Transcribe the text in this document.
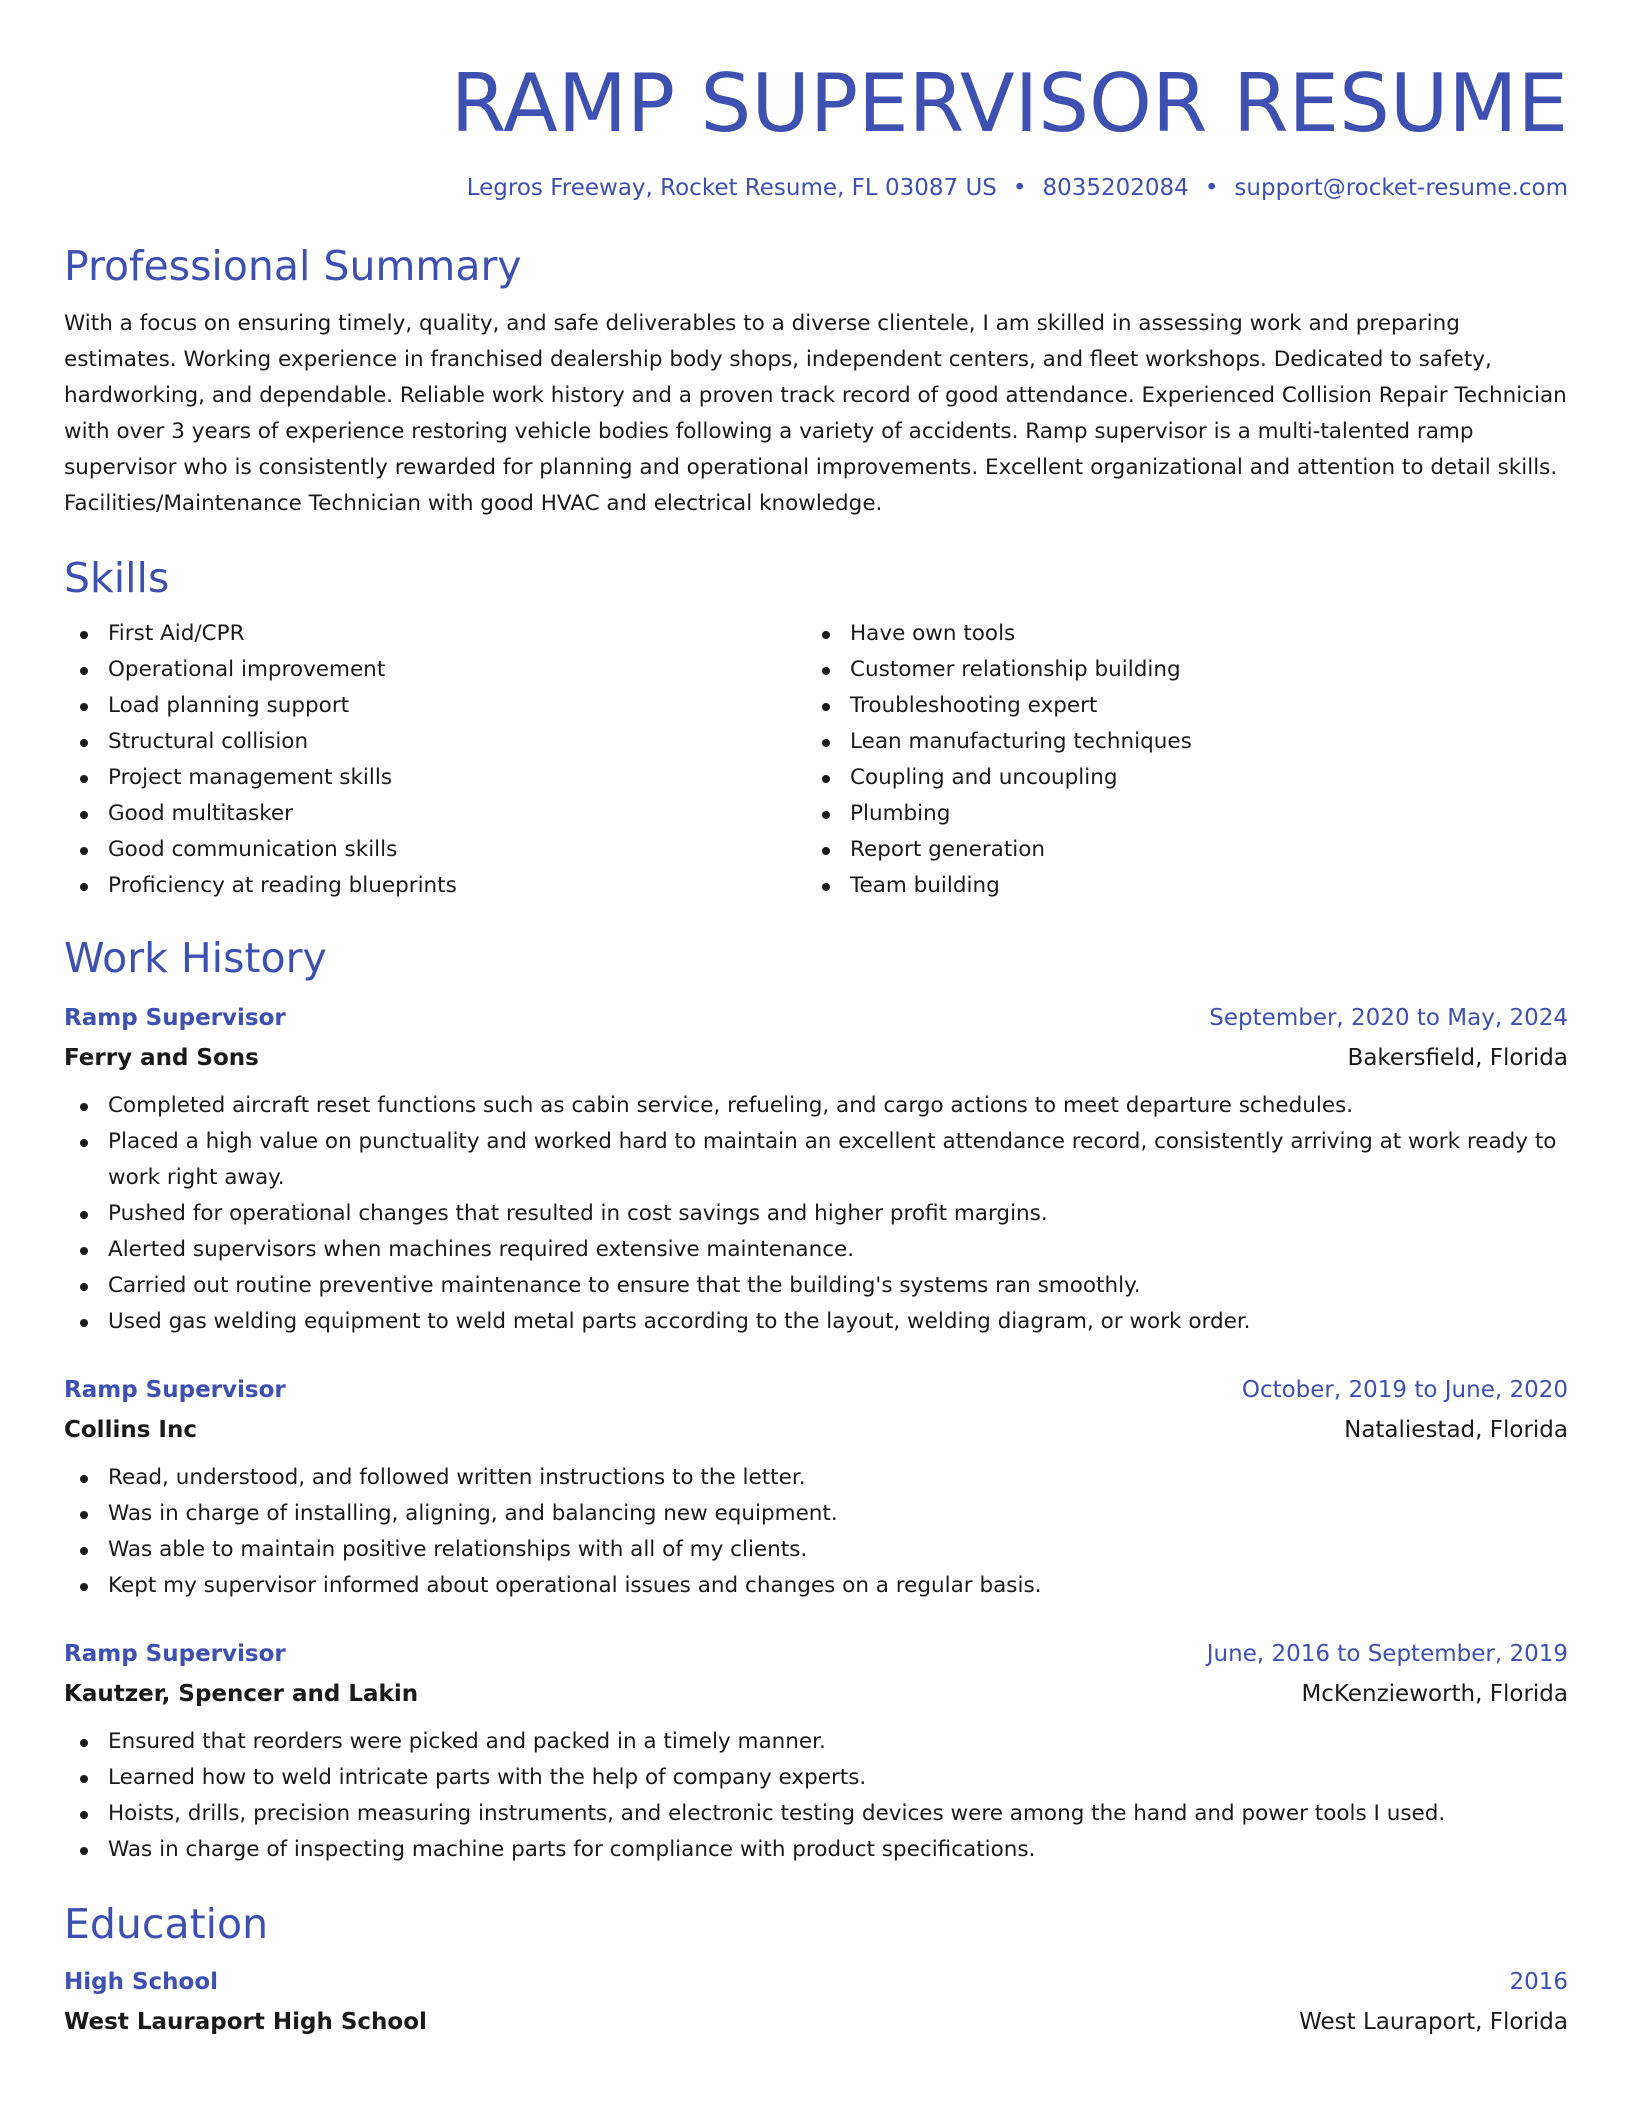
RAMP SUPERVISOR RESUME
Legros Freeway, Rocket Resume, FL 03087 US • 8035202084 • support@rocket-resume.com
Professional Summary
With a focus on ensuring timely, quality, and safe deliverables to a diverse clientele, I am skilled in assessing work and preparing estimates. Working experience in franchised dealership body shops, independent centers, and fleet workshops. Dedicated to safety, hardworking, and dependable. Reliable work history and a proven track record of good attendance. Experienced Collision Repair Technician with over 3 years of experience restoring vehicle bodies following a variety of accidents. Ramp supervisor is a multi-talented ramp supervisor who is consistently rewarded for planning and operational improvements. Excellent organizational and attention to detail skills. Facilities/Maintenance Technician with good HVAC and electrical knowledge.
Skills
First Aid/CPR
Operational improvement
Load planning support
Structural collision
Project management skills
Good multitasker
Good communication skills
Proficiency at reading blueprints
Have own tools
Customer relationship building
Troubleshooting expert
Lean manufacturing techniques
Coupling and uncoupling
Plumbing
Report generation
Team building
Work History
Ramp Supervisor	September, 2020 to May, 2024
Ferry and Sons	Bakersfield, Florida
Completed aircraft reset functions such as cabin service, refueling, and cargo actions to meet departure schedules.
Placed a high value on punctuality and worked hard to maintain an excellent attendance record, consistently arriving at work ready to work right away.
Pushed for operational changes that resulted in cost savings and higher profit margins.
Alerted supervisors when machines required extensive maintenance.
Carried out routine preventive maintenance to ensure that the building's systems ran smoothly.
Used gas welding equipment to weld metal parts according to the layout, welding diagram, or work order.
Ramp Supervisor	October, 2019 to June, 2020
Collins Inc	Nataliestad, Florida
Read, understood, and followed written instructions to the letter.
Was in charge of installing, aligning, and balancing new equipment.
Was able to maintain positive relationships with all of my clients.
Kept my supervisor informed about operational issues and changes on a regular basis.
Ramp Supervisor	June, 2016 to September, 2019
Kautzer, Spencer and Lakin	McKenzieworth, Florida
Ensured that reorders were picked and packed in a timely manner.
Learned how to weld intricate parts with the help of company experts.
Hoists, drills, precision measuring instruments, and electronic testing devices were among the hand and power tools I used.
Was in charge of inspecting machine parts for compliance with product specifications.
Education
High School	2016
West Lauraport High School	West Lauraport, Florida
